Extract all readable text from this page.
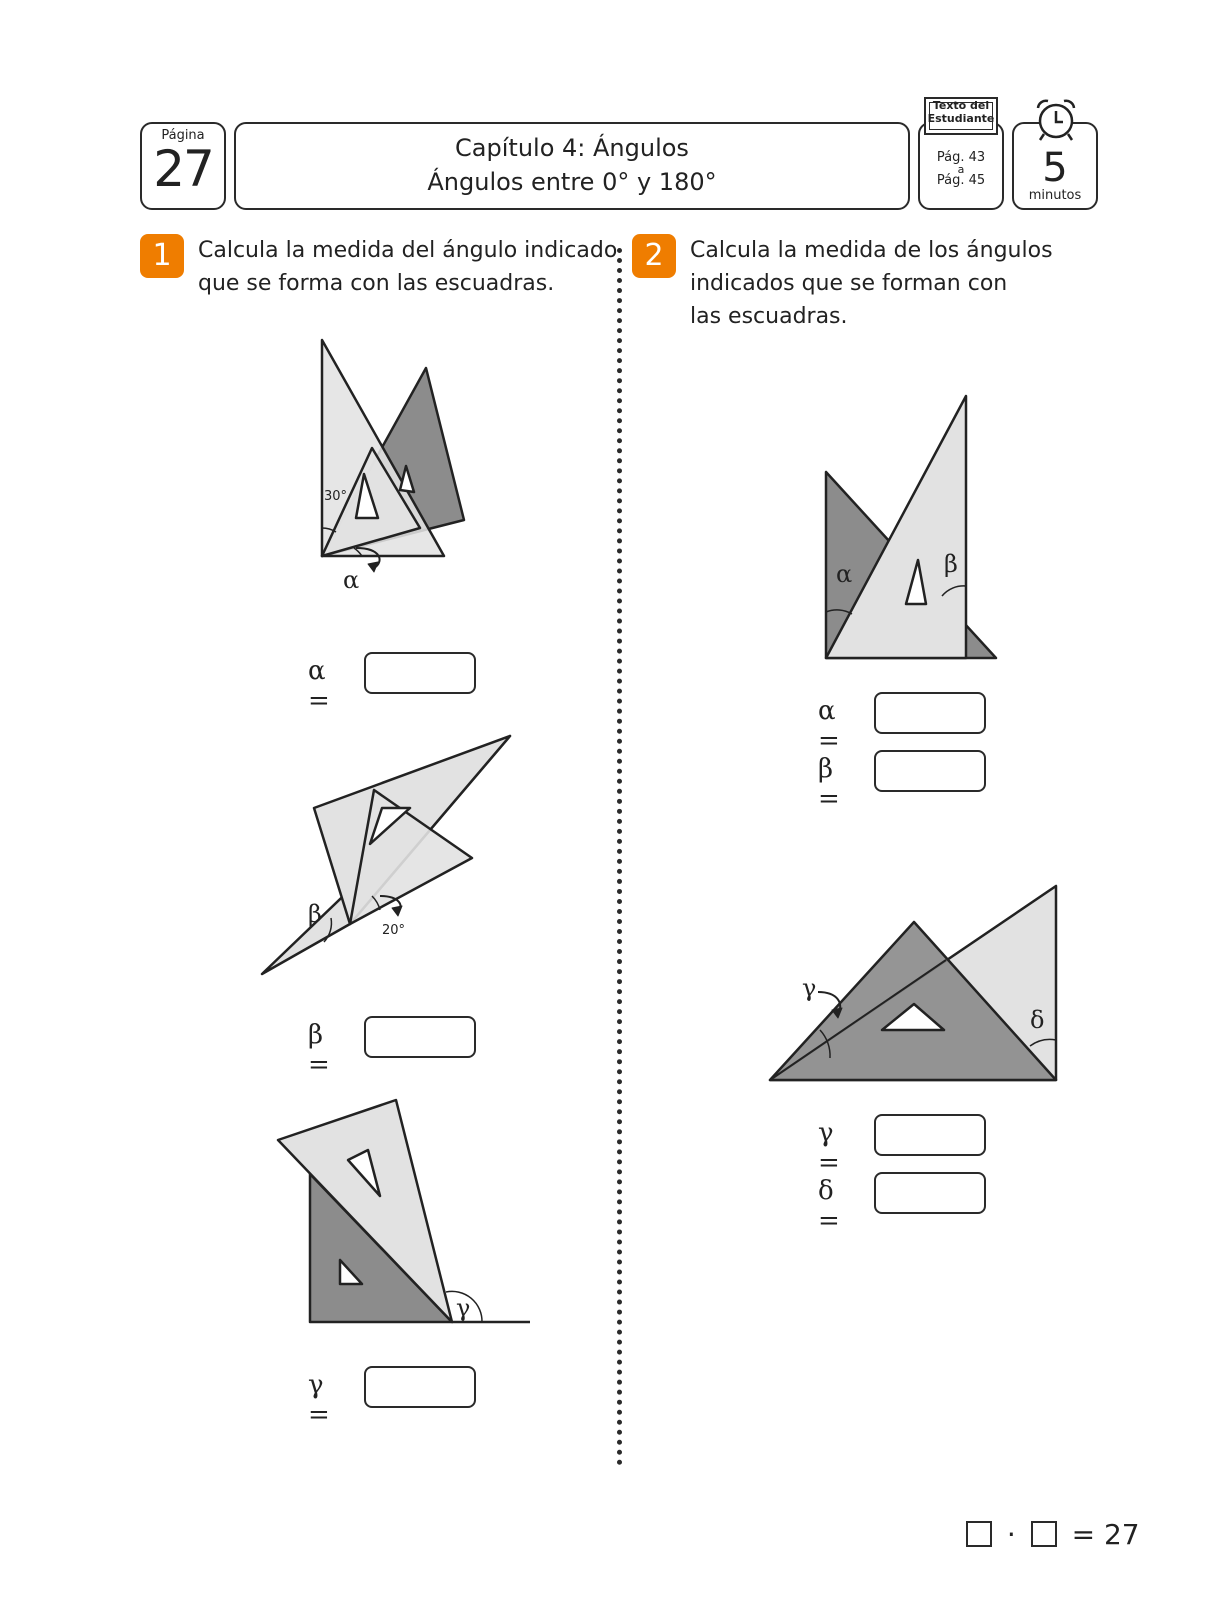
Página
27	Capítulo 4: Ángulos
Ángulos entre 0° y 180°
Pág. 43
a
Pág. 45
Texto del
Estudiante
5
minutos
1	Calcula la medida del ángulo indicado
que se forma con las escuadras.
2	Calcula la medida de los ángulos
indicados que se forman con
las escuadras.
30°
α
β
20°
γ
α	β
γ
δ
α =
β =
γ =
α =
β =
γ =
δ =
· = 27
